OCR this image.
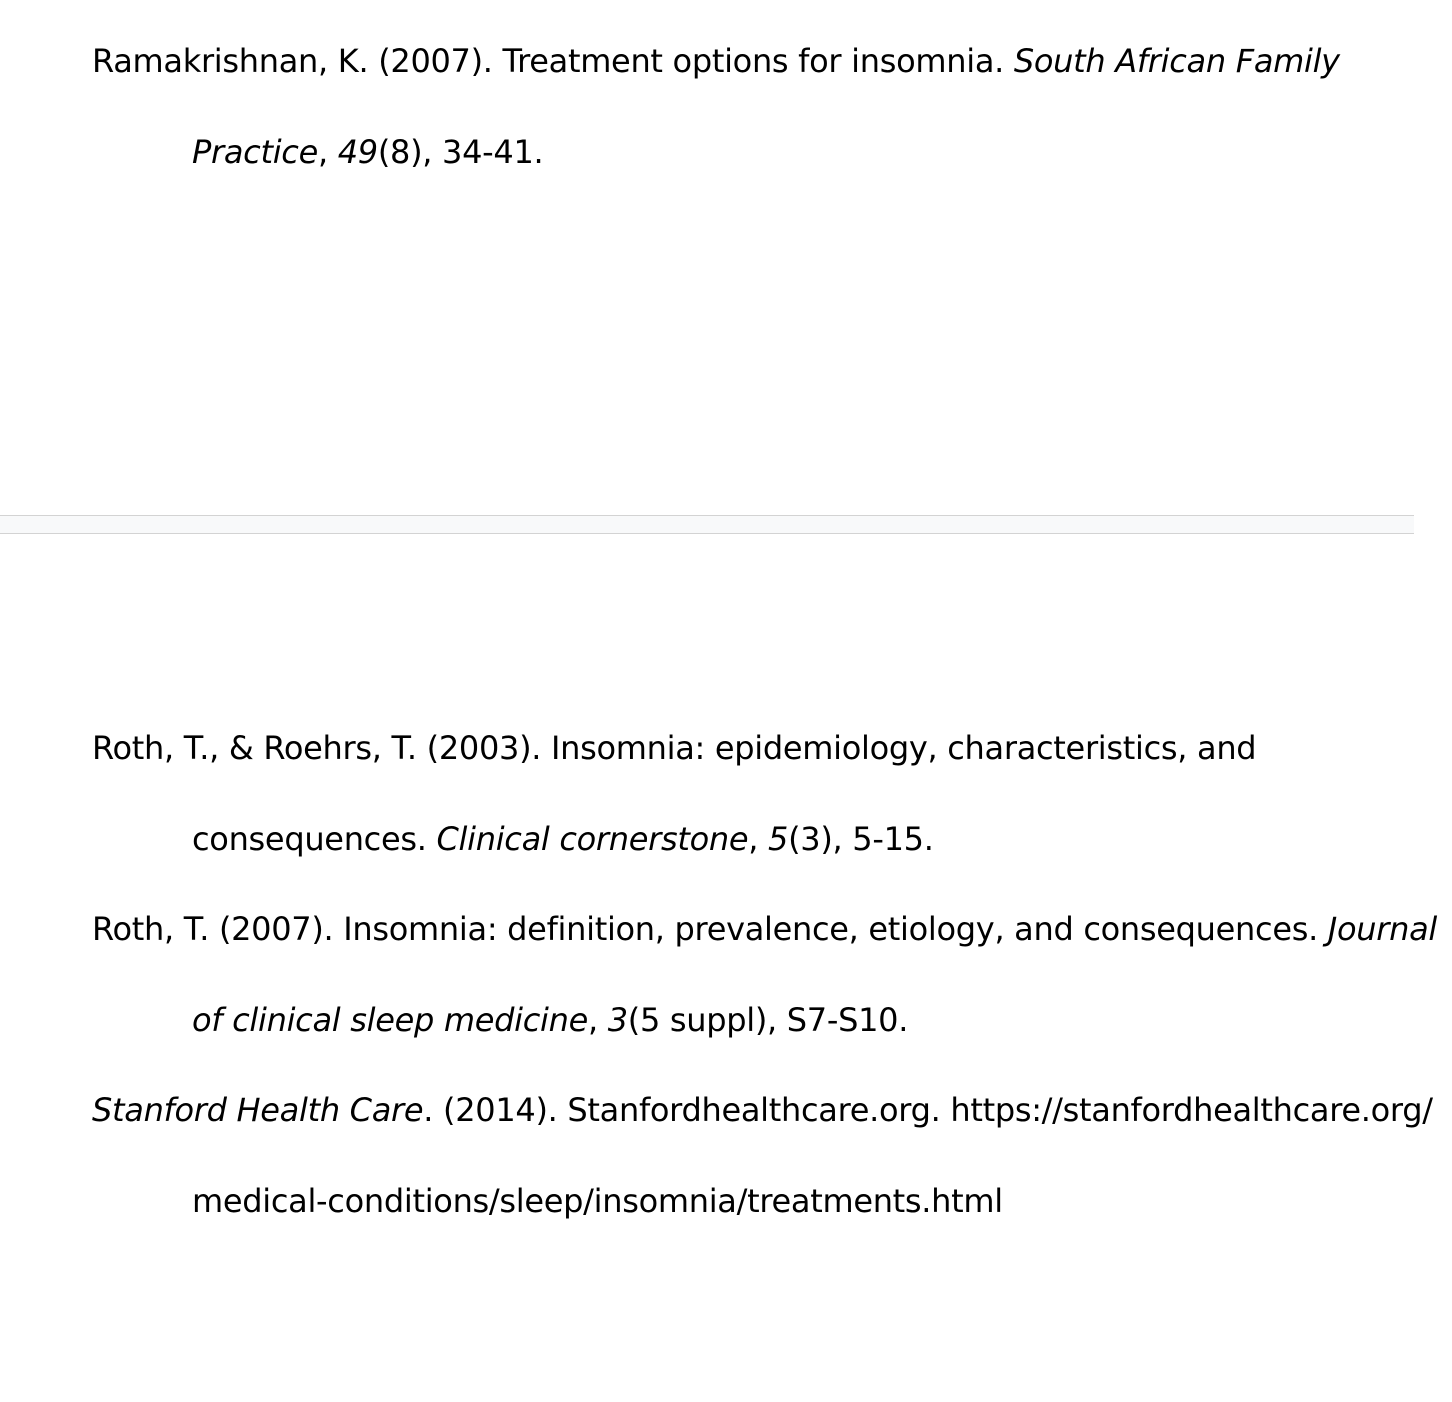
Ramakrishnan, K. (2007). Treatment options for insomnia. South African Family Practice, 49(8), 34-41.

Roth, T., & Roehrs, T. (2003). Insomnia: epidemiology, characteristics, and consequences. Clinical cornerstone, 5(3), 5-15.

Roth, T. (2007). Insomnia: definition, prevalence, etiology, and consequences. Journal of clinical sleep medicine, 3(5 suppl), S7-S10.

Stanford Health Care. (2014). Stanfordhealthcare.org. https://stanfordhealthcare.org/medical-conditions/sleep/insomnia/treatments.html
